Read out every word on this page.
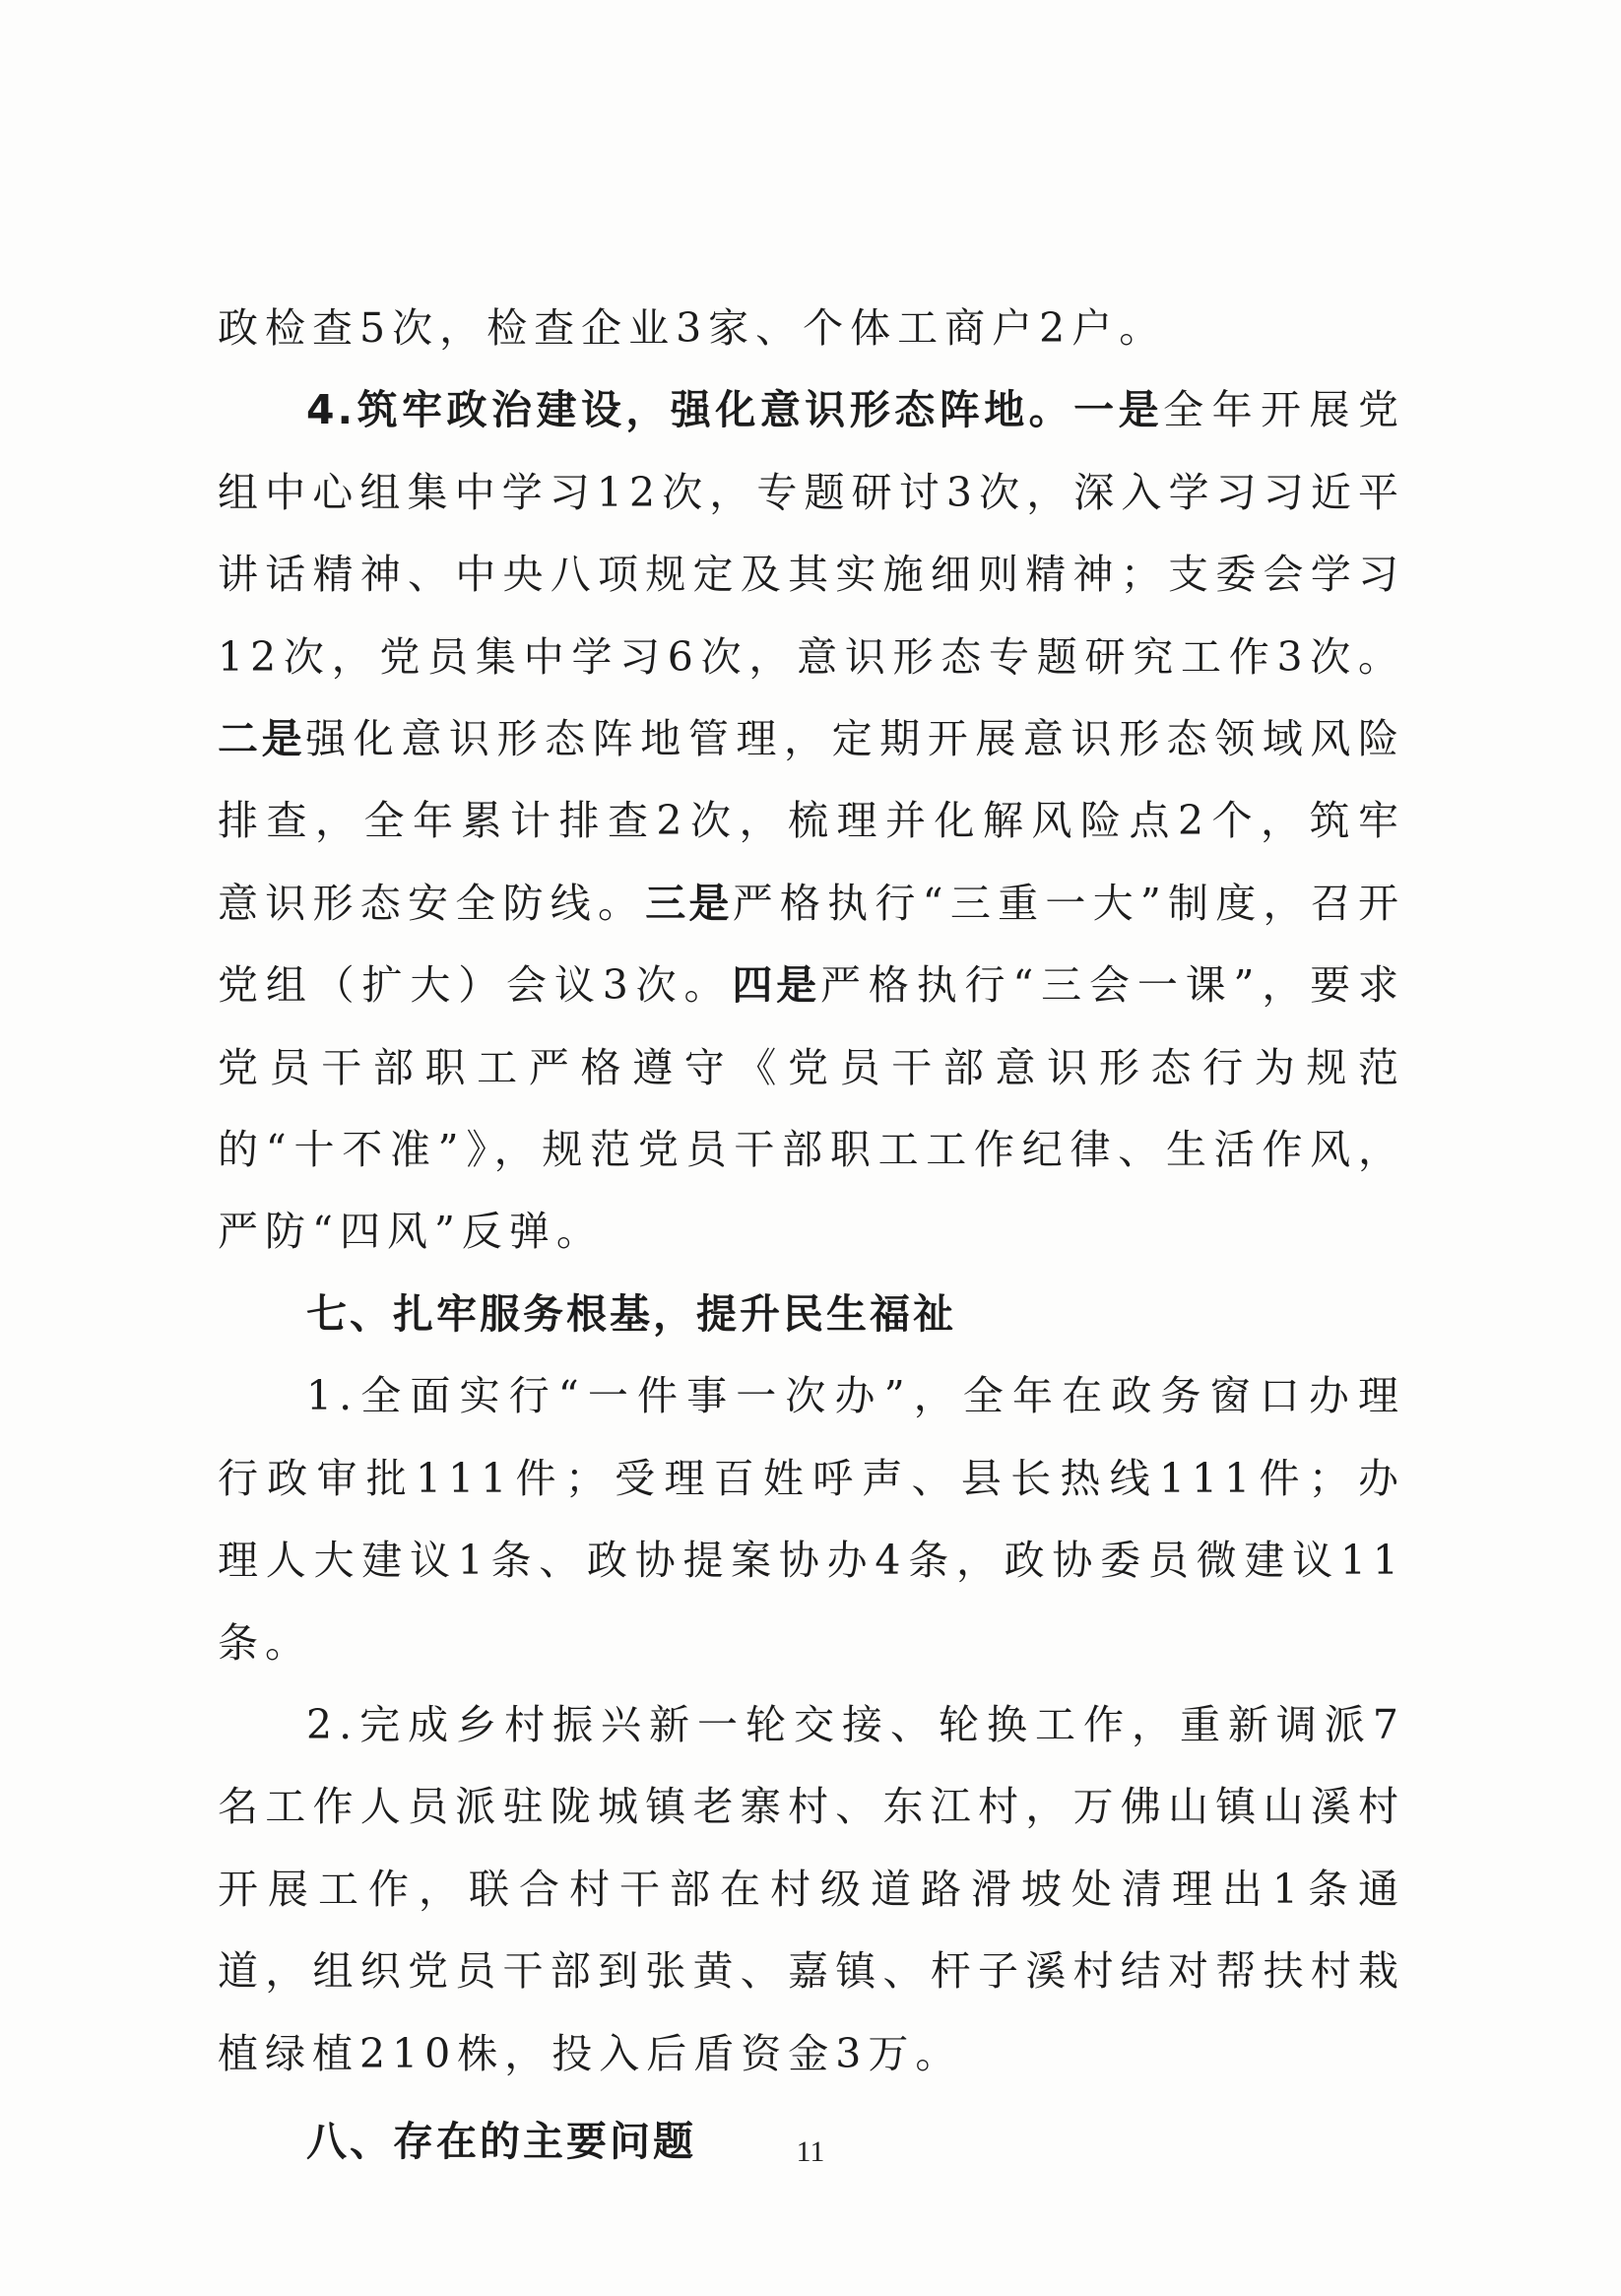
政检查5次，检查企业3家、个体工商户2户。

4.筑牢政治建设，强化意识形态阵地。一是全年开展党组中心组集中学习12次，专题研讨3次，深入学习习近平讲话精神、中央八项规定及其实施细则精神；支委会学习12次，党员集中学习6次，意识形态专题研究工作3次。二是强化意识形态阵地管理，定期开展意识形态领域风险排查，全年累计排查2次，梳理并化解风险点2个，筑牢意识形态安全防线。三是严格执行“三重一大”制度，召开党组（扩大）会议3次。四是严格执行“三会一课”，要求党员干部职工严格遵守《党员干部意识形态行为规范的“十不准”》，规范党员干部职工工作纪律、生活作风，严防“四风”反弹。

七、扎牢服务根基，提升民生福祉

1.全面实行“一件事一次办”，全年在政务窗口办理行政审批111件；受理百姓呼声、县长热线111件；办理人大建议1条、政协提案协办4条，政协委员微建议11条。

2.完成乡村振兴新一轮交接、轮换工作，重新调派7名工作人员派驻陇城镇老寨村、东江村，万佛山镇山溪村开展工作，联合村干部在村级道路滑坡处清理出1条通道，组织党员干部到张黄、嘉镇、杆子溪村结对帮扶村栽植绿植210株，投入后盾资金3万。

八、存在的主要问题	11
